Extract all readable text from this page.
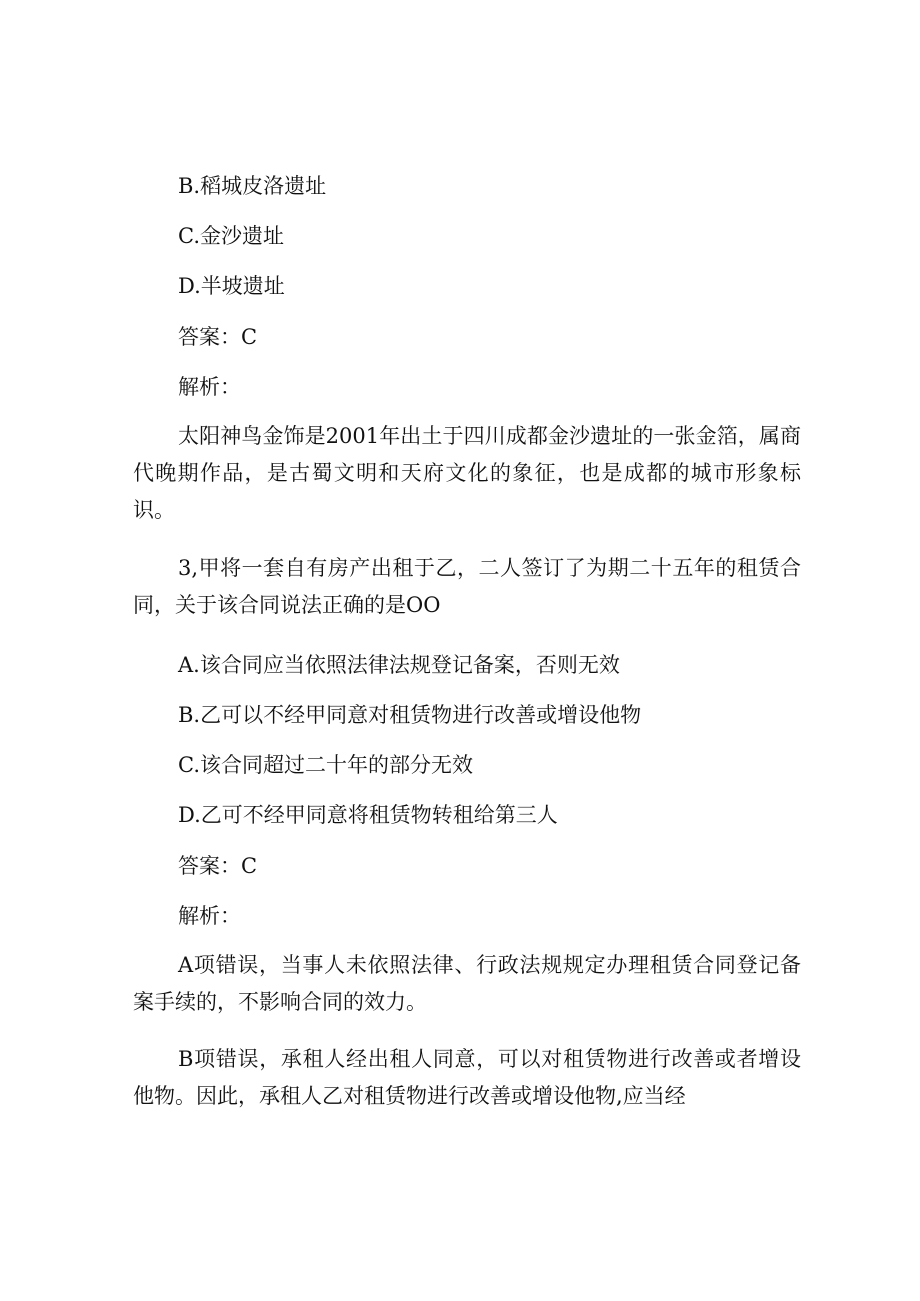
B.稻城皮洛遗址
C.金沙遗址
D.半坡遗址
答案：C
解析：
太阳神鸟金饰是2001年出土于四川成都金沙遗址的一张金箔，属商代晚期作品，是古蜀文明和天府文化的象征，也是成都的城市形象标识。
3,甲将一套自有房产出租于乙，二人签订了为期二十五年的租赁合同，关于该合同说法正确的是OO
A.该合同应当依照法律法规登记备案，否则无效
B.乙可以不经甲同意对租赁物进行改善或增设他物
C.该合同超过二十年的部分无效
D.乙可不经甲同意将租赁物转租给第三人
答案：C
解析：
A项错误，当事人未依照法律、行政法规规定办理租赁合同登记备案手续的，不影响合同的效力。
B项错误，承租人经出租人同意，可以对租赁物进行改善或者增设他物。因此，承租人乙对租赁物进行改善或增设他物,应当经
